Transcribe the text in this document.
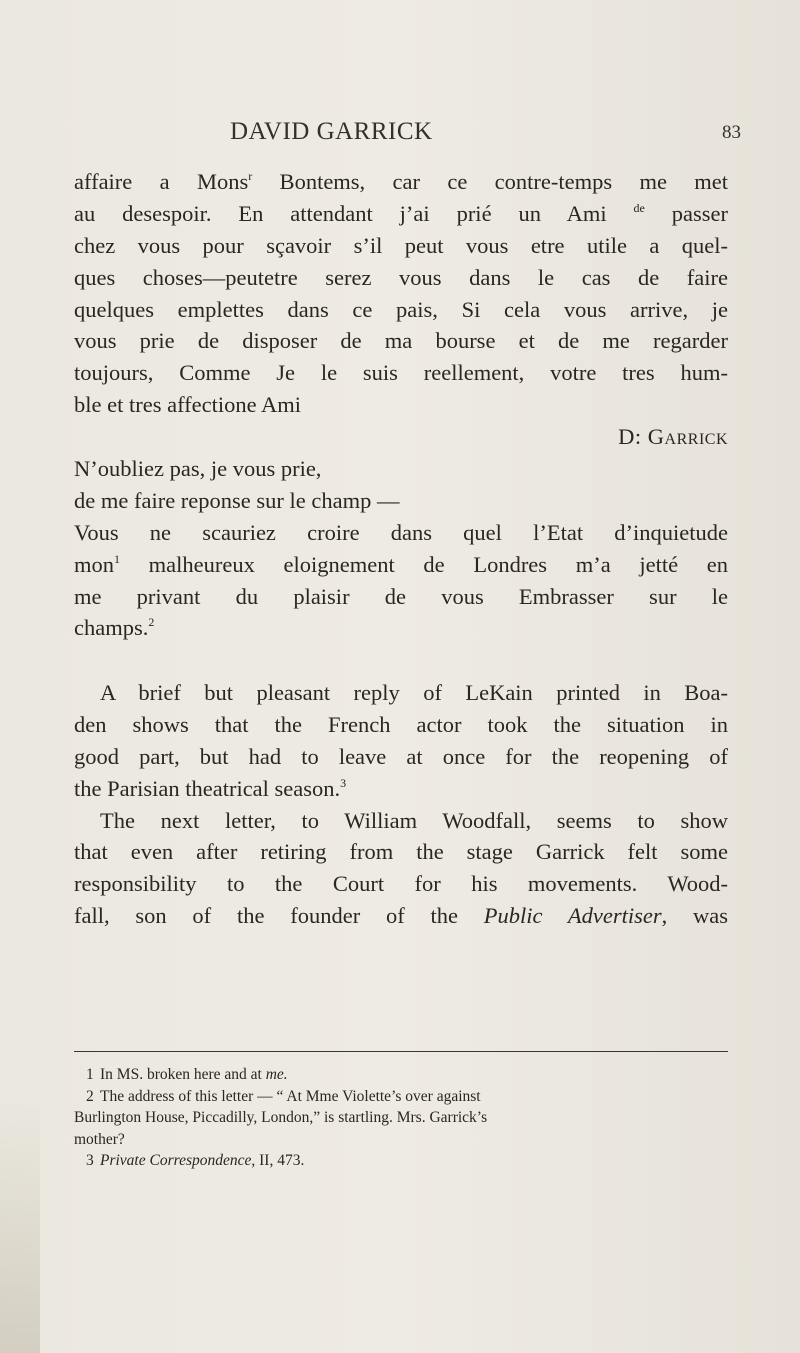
DAVID GARRICK	83
affaire a Mons$^r$ Bontems, car ce contre-temps me met
au desespoir. En attendant j’ai prié un Ami $^{de}$ passer
chez vous pour sçavoir s’il peut vous etre utile a quel-
ques choses—peutetre serez vous dans le cas de faire
quelques emplettes dans ce pais, Si cela vous arrive, je
vous prie de disposer de ma bourse et de me regarder
toujours, Comme Je le suis reellement, votre tres hum-
ble et tres affectione Ami
D: Garrick
N’oubliez pas, je vous prie,
de me faire reponse sur le champ —
Vous ne scauriez croire dans quel l’Etat d’inquietude
mon$^1$ malheureux eloignement de Londres m’a jetté en
me privant du plaisir de vous Embrasser sur le
champs.$^2$
A brief but pleasant reply of LeKain printed in Boa-
den shows that the French actor took the situation in
good part, but had to leave at once for the reopening of
the Parisian theatrical season.$^3$
The next letter, to William Woodfall, seems to show
that even after retiring from the stage Garrick felt some
responsibility to the Court for his movements. Wood-
fall, son of the founder of the Public Advertiser, was
1 In MS. broken here and at me.
2 The address of this letter — “ At Mme Violette’s over against
Burlington House, Piccadilly, London,” is startling. Mrs. Garrick’s
mother?
3 Private Correspondence, II, 473.
